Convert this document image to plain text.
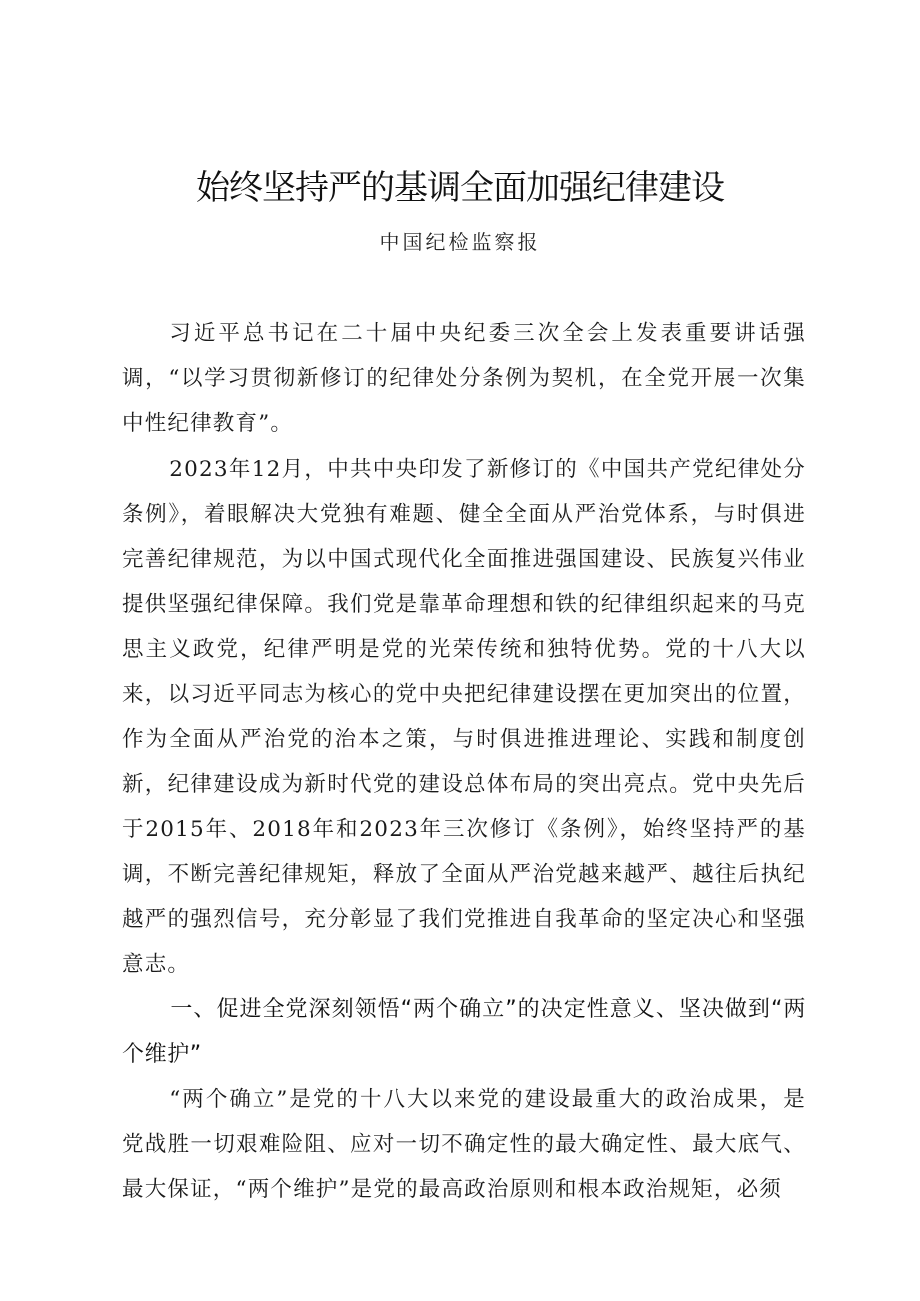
始终坚持严的基调全面加强纪律建设
中国纪检监察报

习近平总书记在二十届中央纪委三次全会上发表重要讲话强调，“以学习贯彻新修订的纪律处分条例为契机，在全党开展一次集中性纪律教育”。

2023年12月，中共中央印发了新修订的《中国共产党纪律处分条例》，着眼解决大党独有难题、健全全面从严治党体系，与时俱进完善纪律规范，为以中国式现代化全面推进强国建设、民族复兴伟业提供坚强纪律保障。我们党是靠革命理想和铁的纪律组织起来的马克思主义政党，纪律严明是党的光荣传统和独特优势。党的十八大以来，以习近平同志为核心的党中央把纪律建设摆在更加突出的位置，作为全面从严治党的治本之策，与时俱进推进理论、实践和制度创新，纪律建设成为新时代党的建设总体布局的突出亮点。党中央先后于2015年、2018年和2023年三次修订《条例》，始终坚持严的基调，不断完善纪律规矩，释放了全面从严治党越来越严、越往后执纪越严的强烈信号，充分彰显了我们党推进自我革命的坚定决心和坚强意志。

一、促进全党深刻领悟“两个确立”的决定性意义、坚决做到“两个维护”

“两个确立”是党的十八大以来党的建设最重大的政治成果，是党战胜一切艰难险阻、应对一切不确定性的最大确定性、最大底气、最大保证，“两个维护”是党的最高政治原则和根本政治规矩，必须
